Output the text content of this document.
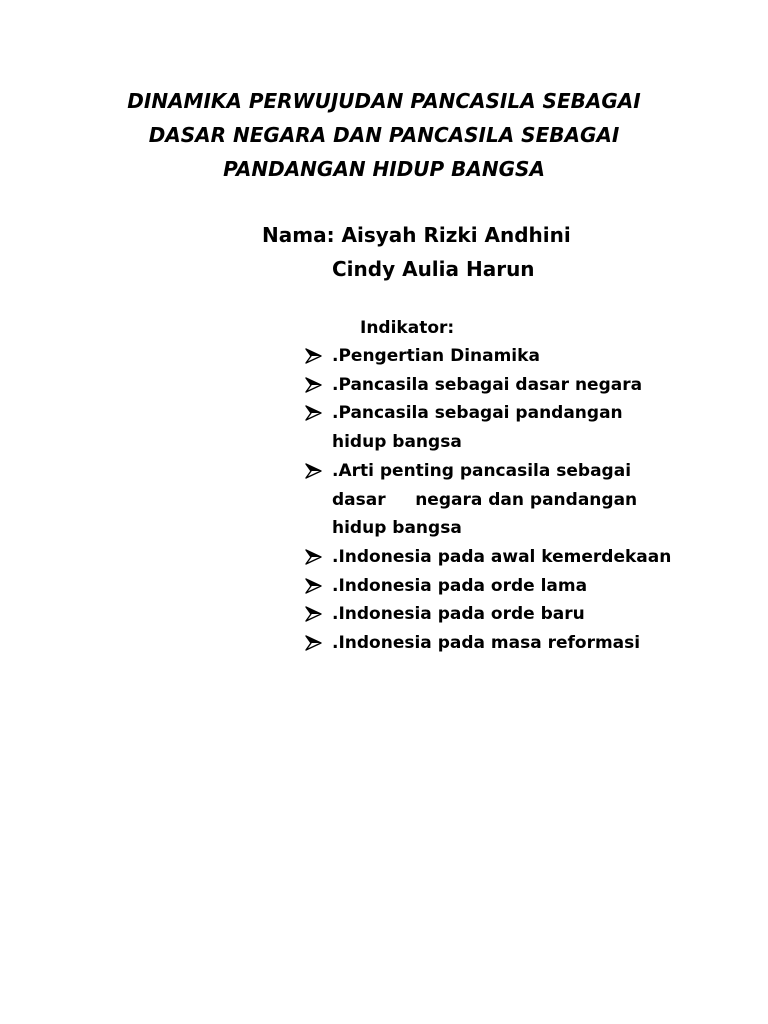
DINAMIKA PERWUJUDAN PANCASILA SEBAGAI
DASAR NEGARA DAN PANCASILA SEBAGAI
PANDANGAN HIDUP BANGSA
Nama: Aisyah Rizki Andhini
Cindy Aulia Harun
Indikator:
.Pengertian Dinamika
.Pancasila sebagai dasar negara
.Pancasila sebagai pandangan
hidup bangsa
.Arti penting pancasila sebagai
dasar     negara dan pandangan
hidup bangsa
.Indonesia pada awal kemerdekaan
.Indonesia pada orde lama
.Indonesia pada orde baru
.Indonesia pada masa reformasi
